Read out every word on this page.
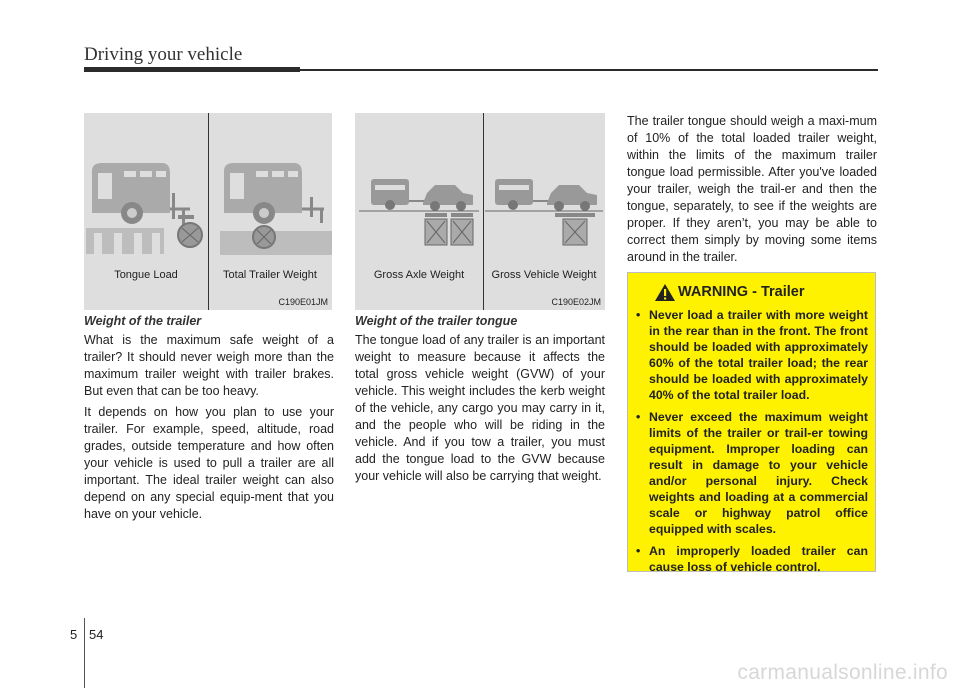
Driving your vehicle
Tongue Load	Total Trailer Weight
C190E01JM
Gross Axle Weight	Gross Vehicle Weight
C190E02JM
Weight of the trailer
What is the maximum safe weight of a trailer? It should never weigh more than the maximum trailer weight with trailer brakes. But even that can be too heavy.
It depends on how you plan to use your trailer. For example, speed, altitude, road grades, outside temperature and how often your vehicle is used to pull a trailer are all important. The ideal trailer weight can also depend on any special equip-ment that you have on your vehicle.
Weight of the trailer tongue
The tongue load of any trailer is an important weight to measure because it affects the total gross vehicle weight (GVW) of your vehicle. This weight includes the kerb weight of the vehicle, any cargo you may carry in it, and the people who will be riding in the vehicle. And if you tow a trailer, you must add the tongue load to the GVW because your vehicle will also be carrying that weight.
The trailer tongue should weigh a maxi-mum of 10% of the total loaded trailer weight, within the limits of the maximum trailer tongue load permissible. After you've loaded your trailer, weigh the trail-er and then the tongue, separately, to see if the weights are proper. If they aren’t, you may be able to correct them simply by moving some items around in the trailer.
WARNING - Trailer
• Never load a trailer with more weight in the rear than in the front. The front should be loaded with approximately 60% of the total trailer load; the rear should be loaded with approximately 40% of the total trailer load.
• Never exceed the maximum weight limits of the trailer or trail-er towing equipment. Improper loading can result in damage to your vehicle and/or personal injury. Check weights and loading at a commercial scale or highway patrol office equipped with scales.
• An improperly loaded trailer can cause loss of vehicle control.
5 54
carmanualsonline.info
